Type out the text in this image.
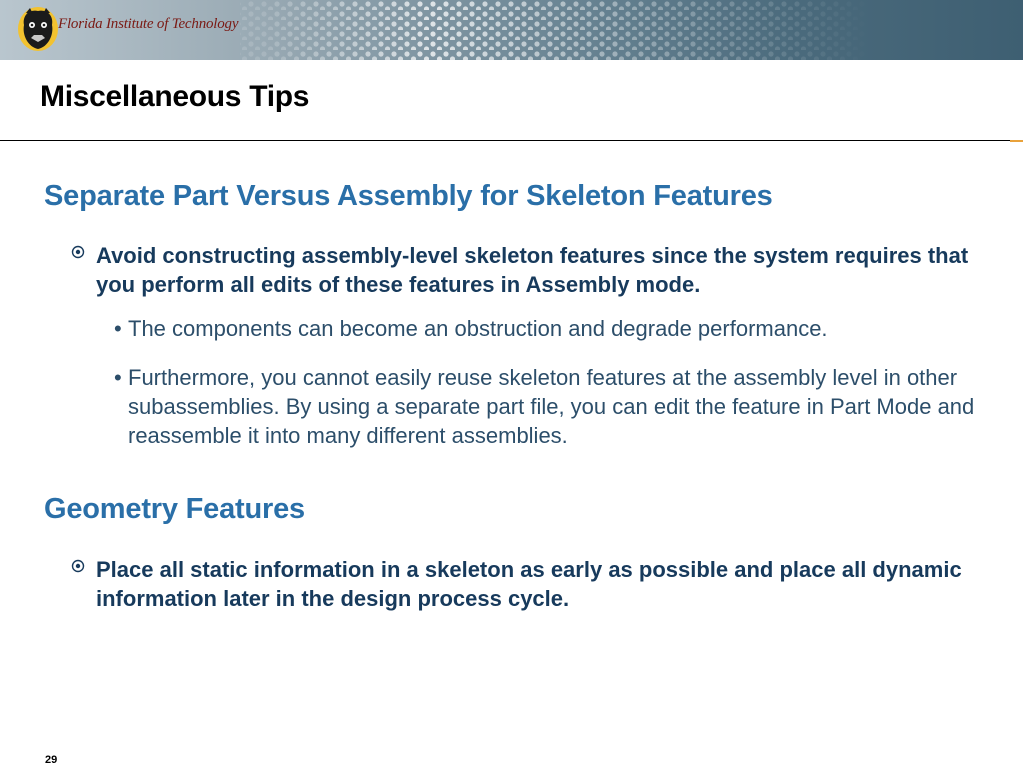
Florida Institute of Technology
Miscellaneous Tips
Separate Part Versus Assembly for Skeleton Features

Avoid constructing assembly-level skeleton features since the system requires that you perform all edits of these features in Assembly mode.

• The components can become an obstruction and degrade performance.

• Furthermore, you cannot easily reuse skeleton features at the assembly level in other subassemblies. By using a separate part file, you can edit the feature in Part Mode and reassemble it into many different assemblies.

Geometry Features

Place all static information in a skeleton as early as possible and place all dynamic information later in the design process cycle.

29
